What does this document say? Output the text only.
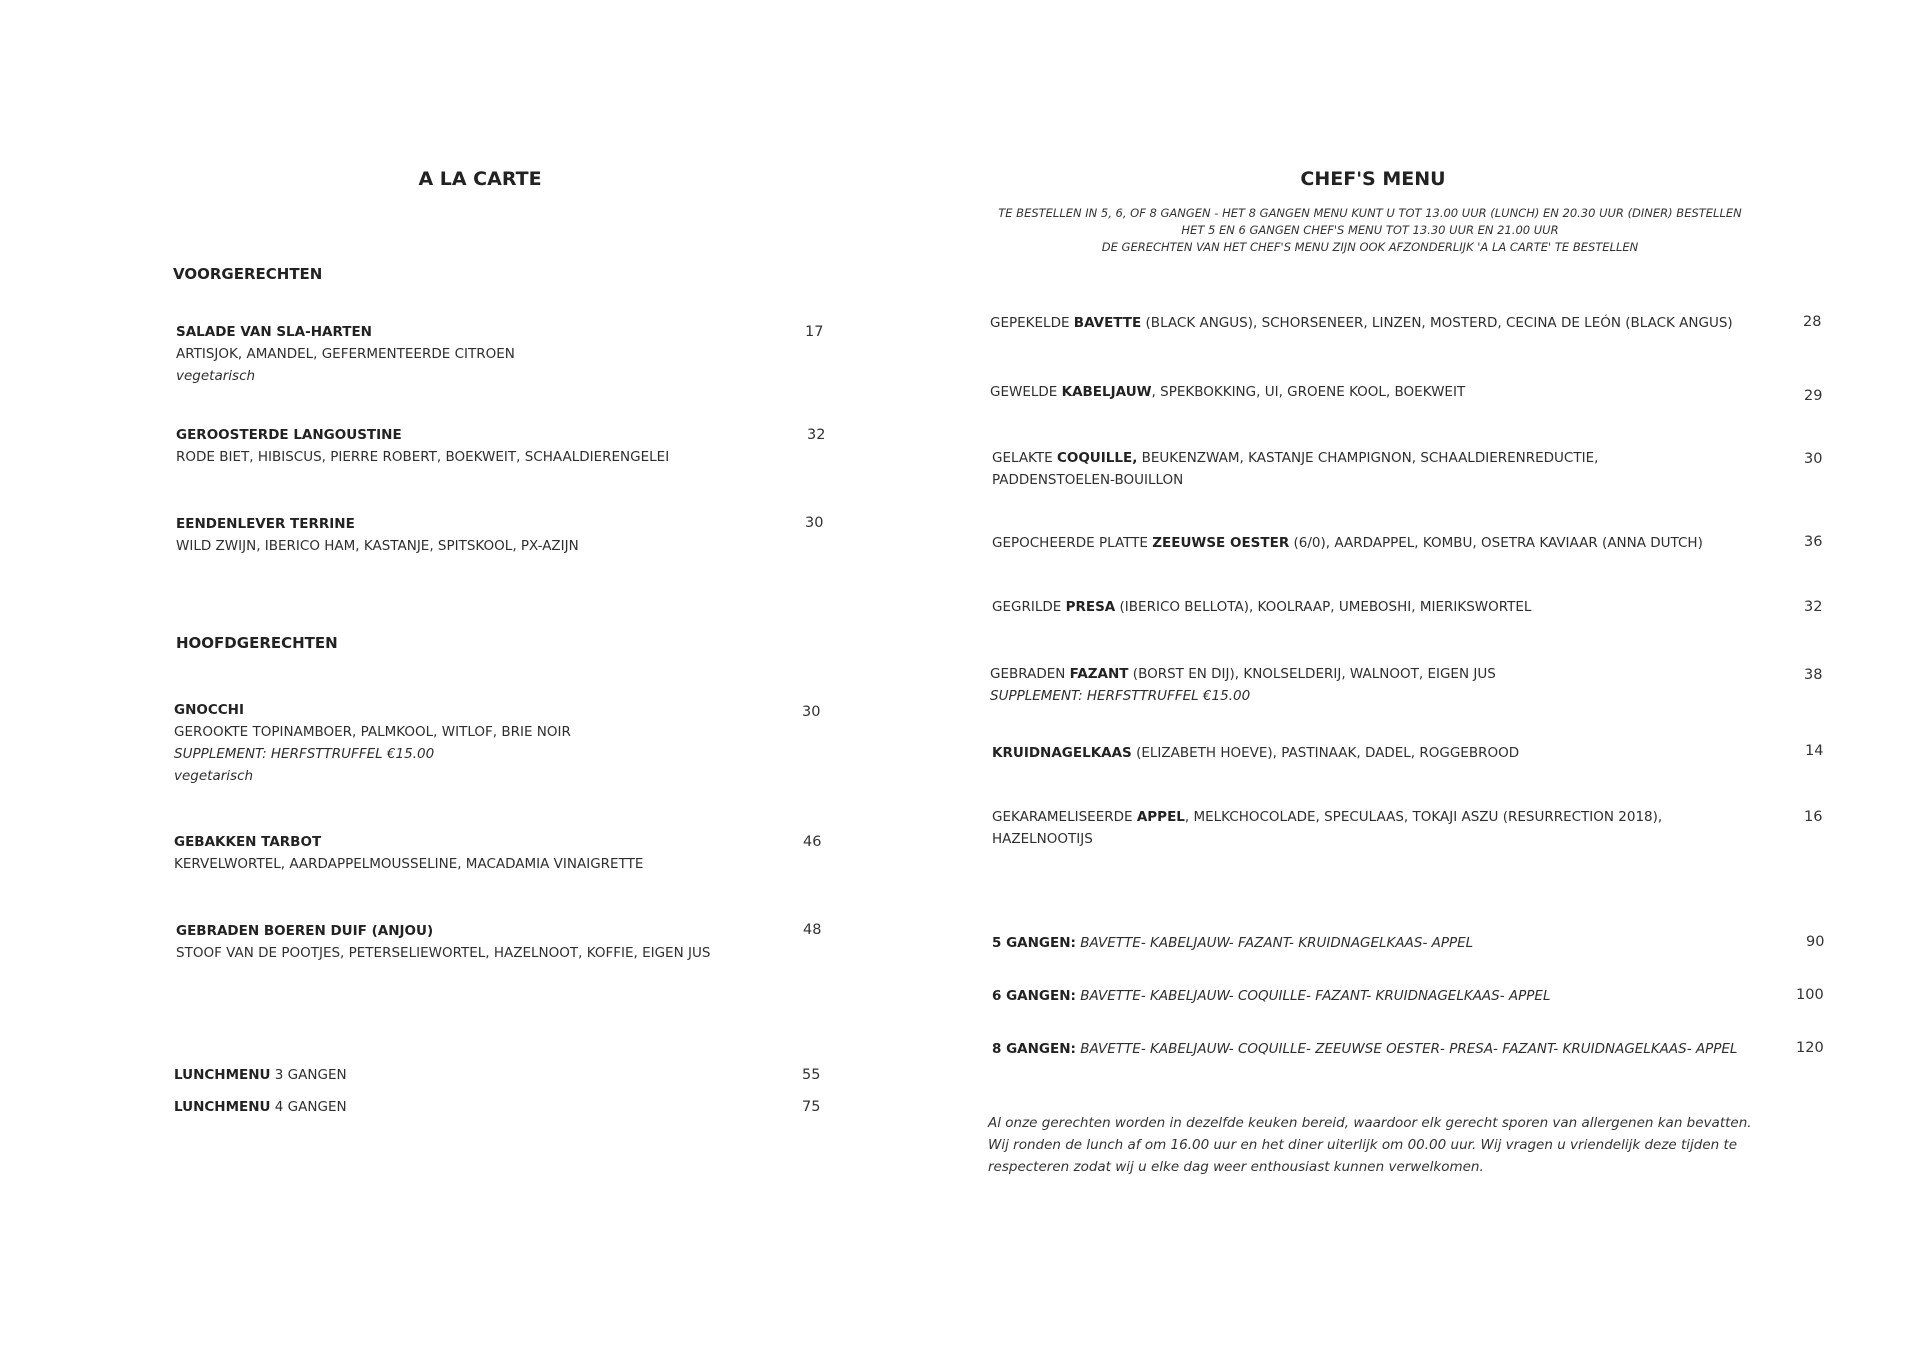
A LA CARTE
VOORGERECHTEN
SALADE VAN SLA-HARTEN
ARTISJOK, AMANDEL, GEFERMENTEERDE CITROEN
vegetarisch
17
GEROOSTERDE LANGOUSTINE
RODE BIET, HIBISCUS, PIERRE ROBERT, BOEKWEIT, SCHAALDIERENGELEI
32
EENDENLEVER TERRINE
WILD ZWIJN, IBERICO HAM, KASTANJE, SPITSKOOL, PX-AZIJN
30
HOOFDGERECHTEN
GNOCCHI
GEROOKTE TOPINAMBOER, PALMKOOL, WITLOF, BRIE NOIR
SUPPLEMENT: HERFSTTRUFFEL €15.00
vegetarisch
30
GEBAKKEN TARBOT
KERVELWORTEL, AARDAPPELMOUSSELINE, MACADAMIA VINAIGRETTE
46
GEBRADEN BOEREN DUIF (ANJOU)
STOOF VAN DE POOTJES, PETERSELIEWORTEL, HAZELNOOT, KOFFIE, EIGEN JUS
48
LUNCHMENU 3 GANGEN	55
LUNCHMENU 4 GANGEN	75
CHEF'S MENU
TE BESTELLEN IN 5, 6, OF 8 GANGEN - HET 8 GANGEN MENU KUNT U TOT 13.00 UUR (LUNCH) EN 20.30 UUR (DINER) BESTELLEN
HET 5 EN 6 GANGEN CHEF'S MENU TOT 13.30 UUR EN 21.00 UUR
DE GERECHTEN VAN HET CHEF'S MENU ZIJN OOK AFZONDERLIJK 'A LA CARTE' TE BESTELLEN
GEPEKELDE BAVETTE (BLACK ANGUS), SCHORSENEER, LINZEN, MOSTERD, CECINA DE LEÓN (BLACK ANGUS)	28
GEWELDE KABELJAUW, SPEKBOKKING, UI, GROENE KOOL, BOEKWEIT	29
GELAKTE COQUILLE, BEUKENZWAM, KASTANJE CHAMPIGNON, SCHAALDIERENREDUCTIE,
PADDENSTOELEN-BOUILLON
30
GEPOCHEERDE PLATTE ZEEUWSE OESTER (6/0), AARDAPPEL, KOMBU, OSETRA KAVIAAR (ANNA DUTCH)	36
GEGRILDE PRESA (IBERICO BELLOTA), KOOLRAAP, UMEBOSHI, MIERIKSWORTEL	32
GEBRADEN FAZANT (BORST EN DIJ), KNOLSELDERIJ, WALNOOT, EIGEN JUS
SUPPLEMENT: HERFSTTRUFFEL €15.00
38
KRUIDNAGELKAAS (ELIZABETH HOEVE), PASTINAAK, DADEL, ROGGEBROOD	14
GEKARAMELISEERDE APPEL, MELKCHOCOLADE, SPECULAAS, TOKAJI ASZU (RESURRECTION 2018),
HAZELNOOTIJS
16
5 GANGEN: BAVETTE- KABELJAUW- FAZANT- KRUIDNAGELKAAS- APPEL	90
6 GANGEN: BAVETTE- KABELJAUW- COQUILLE- FAZANT- KRUIDNAGELKAAS- APPEL	100
8 GANGEN: BAVETTE- KABELJAUW- COQUILLE- ZEEUWSE OESTER- PRESA- FAZANT- KRUIDNAGELKAAS- APPEL	120
Al onze gerechten worden in dezelfde keuken bereid, waardoor elk gerecht sporen van allergenen kan bevatten.
Wij ronden de lunch af om 16.00 uur en het diner uiterlijk om 00.00 uur. Wij vragen u vriendelijk deze tijden te
respecteren zodat wij u elke dag weer enthousiast kunnen verwelkomen.
